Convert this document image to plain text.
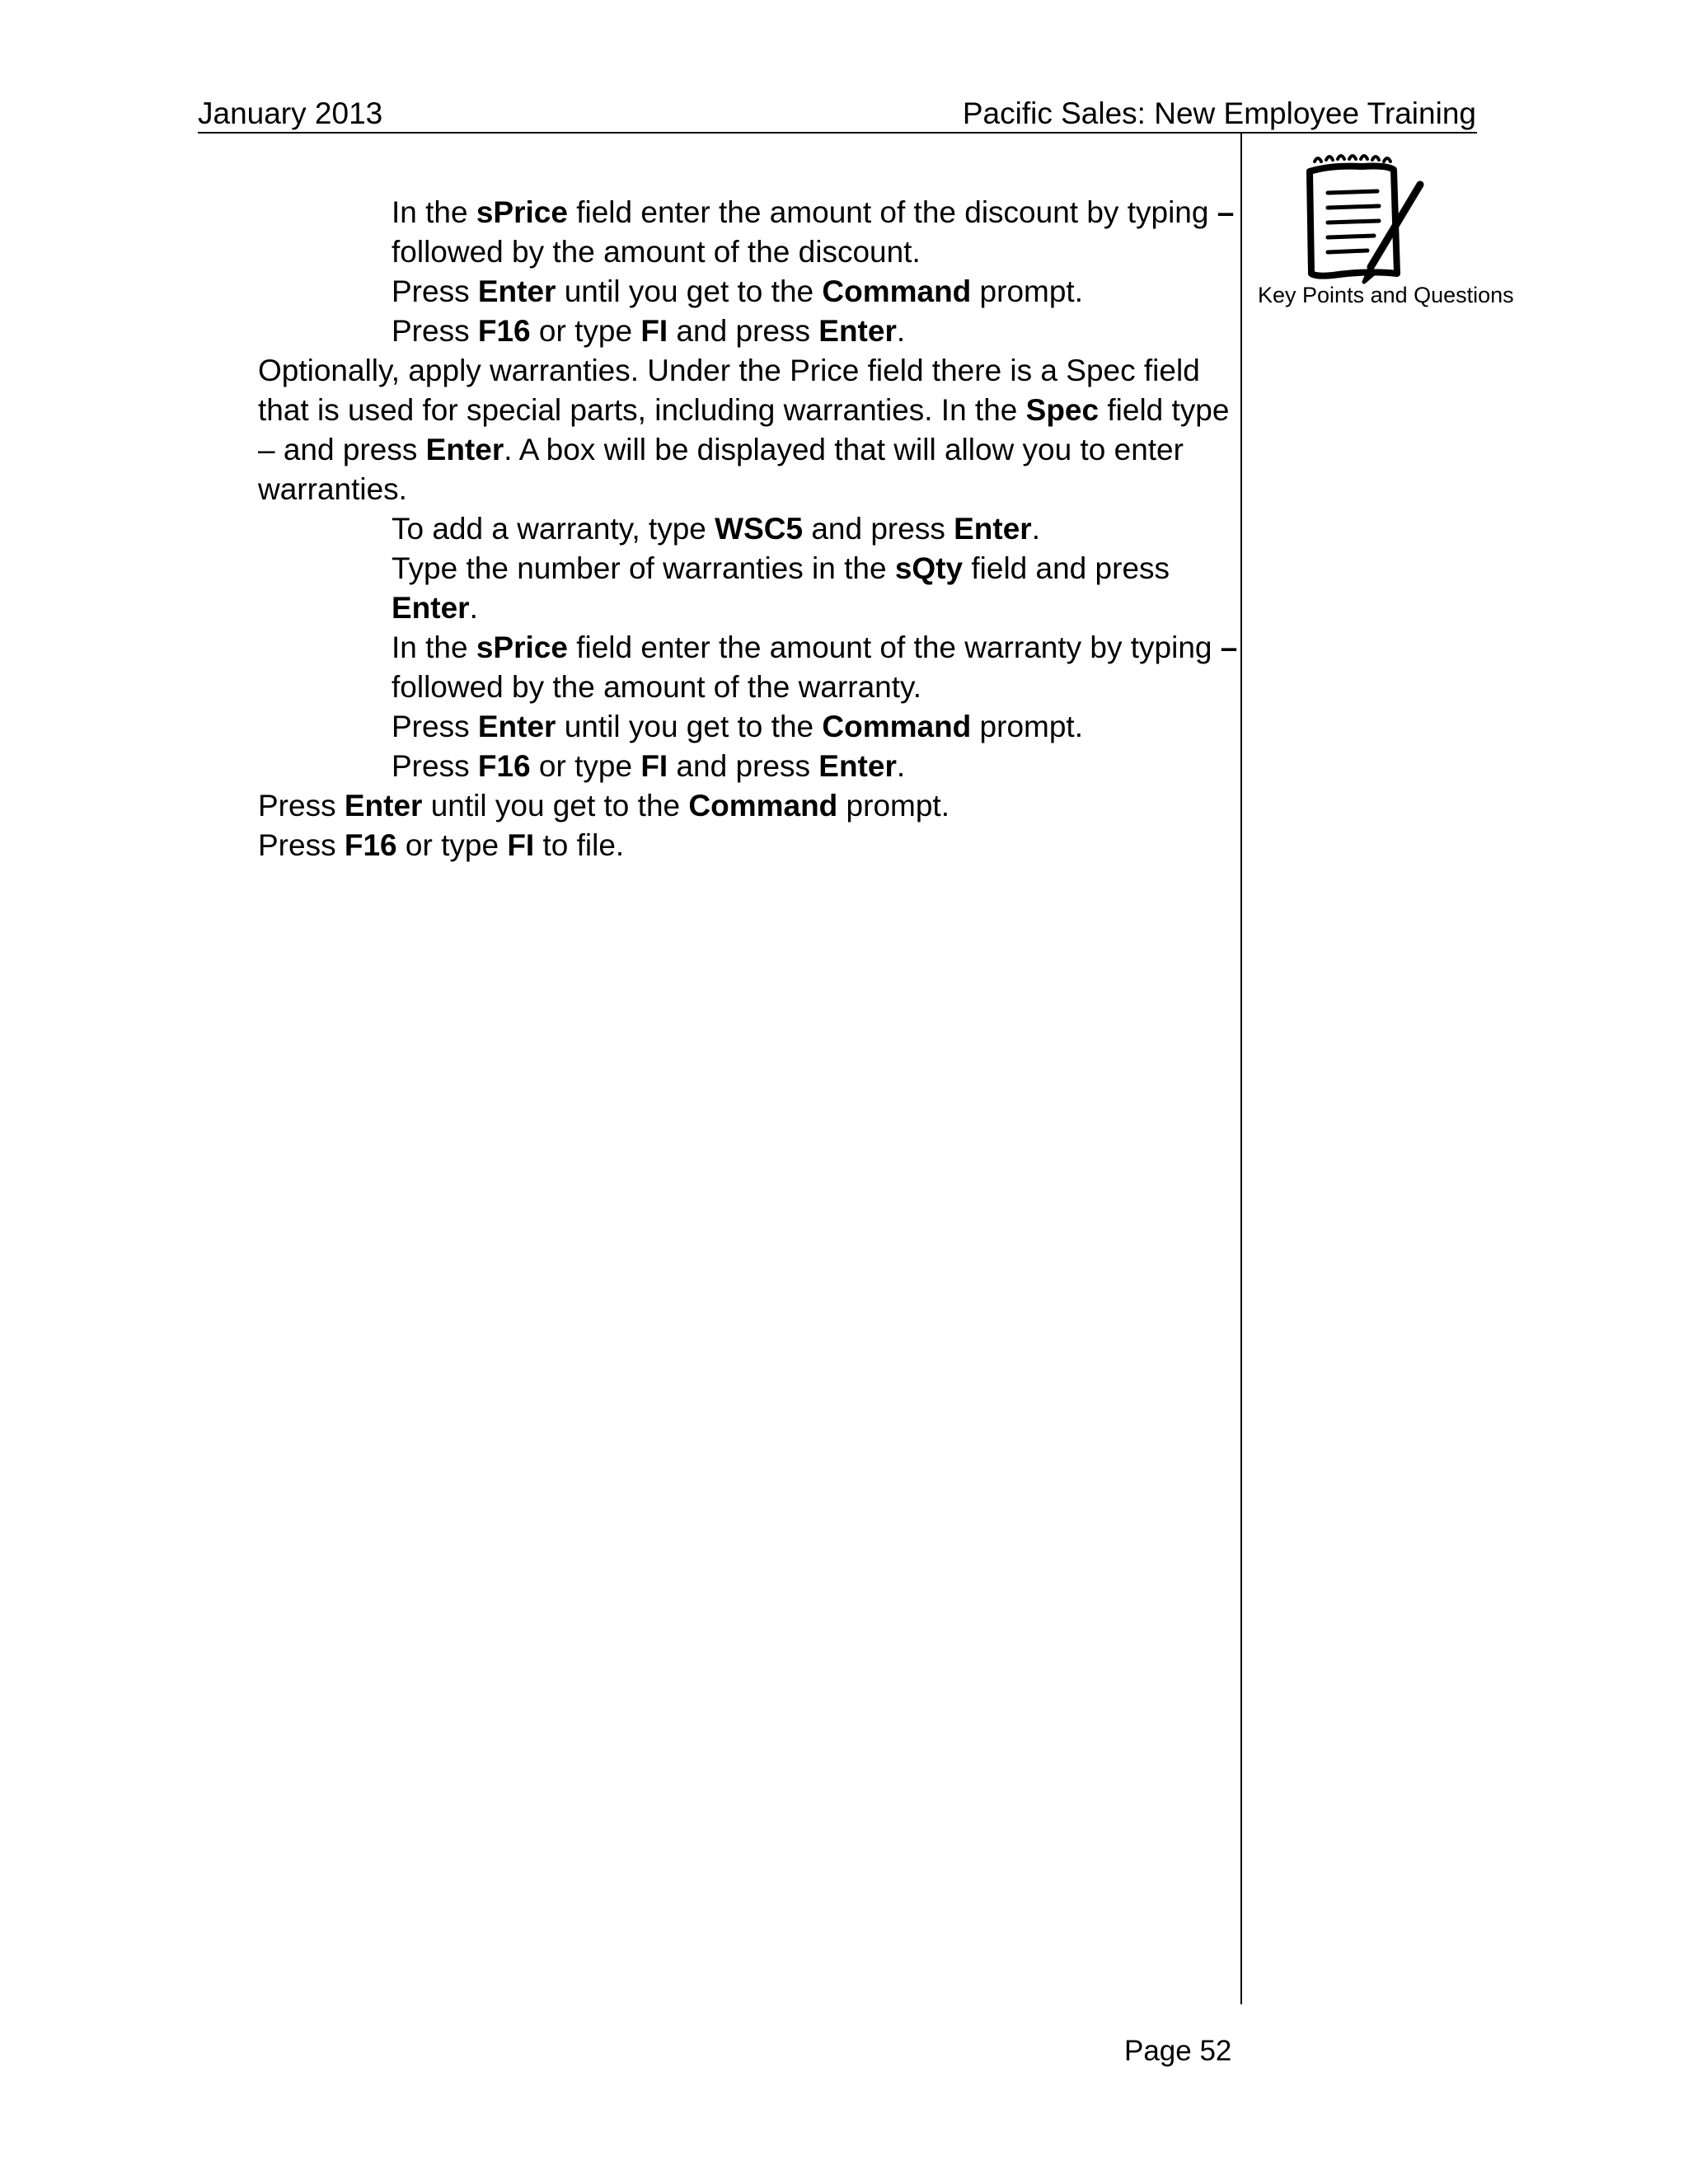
January 2013	Pacific Sales: New Employee Training
Key Points and Questions
In the sPrice field enter the amount of the discount by typing –
followed by the amount of the discount.
Press Enter until you get to the Command prompt.
Press F16 or type FI and press Enter.
Optionally, apply warranties. Under the Price field there is a Spec field
that is used for special parts, including warranties. In the Spec field type
– and press Enter. A box will be displayed that will allow you to enter
warranties.
To add a warranty, type WSC5 and press Enter.
Type the number of warranties in the sQty field and press
Enter.
In the sPrice field enter the amount of the warranty by typing –
followed by the amount of the warranty.
Press Enter until you get to the Command prompt.
Press F16 or type FI and press Enter.
Press Enter until you get to the Command prompt.
Press F16 or type FI to file.
Page 52
